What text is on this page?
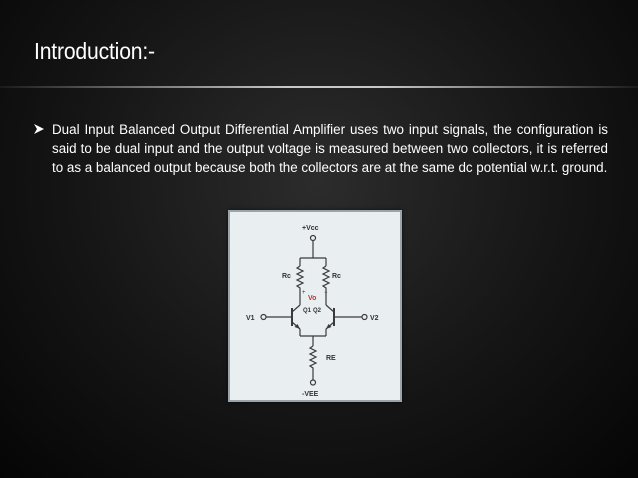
Introduction:-

Dual Input Balanced Output Differential Amplifier uses two input signals, the configuration is said to be dual input and the output voltage is measured between two collectors, it is referred to as a balanced output because both the collectors are at the same dc potential w.r.t. ground.

+Vcc
Rc	Rc
+	−
Vo
V1
Q1
V2
Q2
RE
-VEE
